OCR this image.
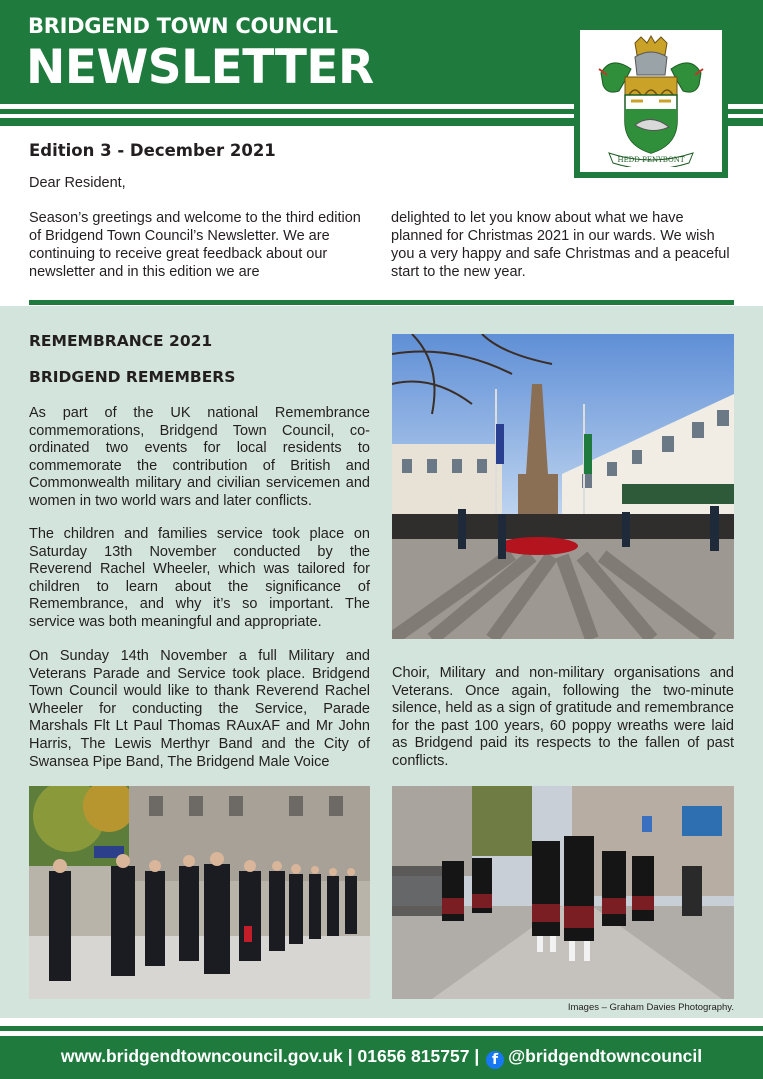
BRIDGEND TOWN COUNCIL
NEWSLETTER
HEDD PENYBONT
Edition 3 - December 2021
Dear Resident,
Season’s greetings and welcome to the third edition of Bridgend Town Council’s Newsletter. We are continuing to receive great feedback about our newsletter and in this edition we are
delighted to let you know about what we have planned for Christmas 2021 in our wards. We wish you a very happy and safe Christmas and a peaceful start to the new year.
REMEMBRANCE 2021
BRIDGEND REMEMBERS
As part of the UK national Remembrance commemorations, Bridgend Town Council, co-ordinated two events for local residents to commemorate the contribution of British and Commonwealth military and civilian servicemen and women in two world wars and later conflicts.
The children and families service took place on Saturday 13th November conducted by the Reverend Rachel Wheeler, which was tailored for children to learn about the significance of Remembrance, and why it’s so important. The service was both meaningful and appropriate.
On Sunday 14th November a full Military and Veterans Parade and Service took place. Bridgend Town Council would like to thank Reverend Rachel Wheeler for conducting the Service, Parade Marshals Flt Lt Paul Thomas RAuxAF and Mr John Harris, The Lewis Merthyr Band and the City of Swansea Pipe Band, The Bridgend Male Voice
Choir, Military and non-military organisations and Veterans. Once again, following the two-minute silence, held as a sign of gratitude and remembrance for the past 100 years, 60 poppy wreaths were laid as Bridgend paid its respects to the fallen of past conflicts.
Images – Graham Davies Photography.
www.bridgendtowncouncil.gov.uk | 01656 815757 | f @bridgendtowncouncil
